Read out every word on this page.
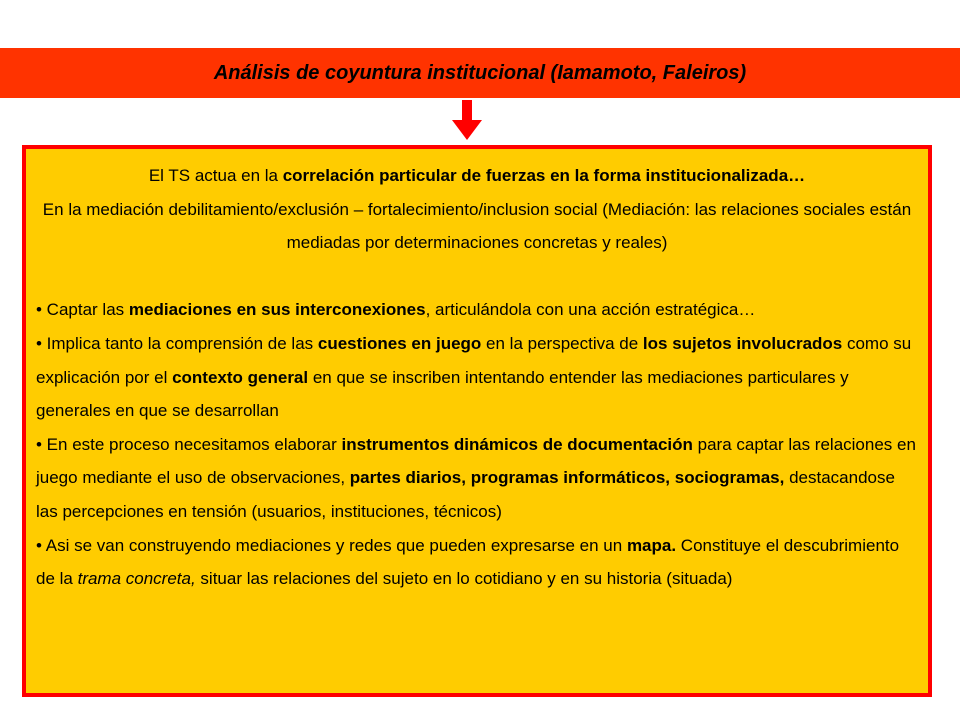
Análisis de coyuntura institucional (Iamamoto, Faleiros)

El TS actua en la correlación particular de fuerzas en la forma institucionalizada…

En la mediación debilitamiento/exclusión – fortalecimiento/inclusion social (Mediación: las relaciones sociales están mediadas por determinaciones concretas y reales)

• Captar las mediaciones en sus interconexiones, articulándola con una acción estratégica…

• Implica tanto la comprensión de las cuestiones en juego en la perspectiva de los sujetos involucrados como su explicación por el contexto general en que se inscriben intentando entender las mediaciones particulares y generales en que se desarrollan

• En este proceso necesitamos elaborar instrumentos dinámicos de documentación para captar las relaciones en juego mediante el uso de observaciones, partes diarios, programas informáticos, sociogramas, destacandose las percepciones en tensión (usuarios, instituciones, técnicos)

• Asi se van construyendo mediaciones y redes que pueden expresarse en un mapa. Constituye el descubrimiento de la trama concreta, situar las relaciones del sujeto en lo cotidiano y en su historia (situada)
